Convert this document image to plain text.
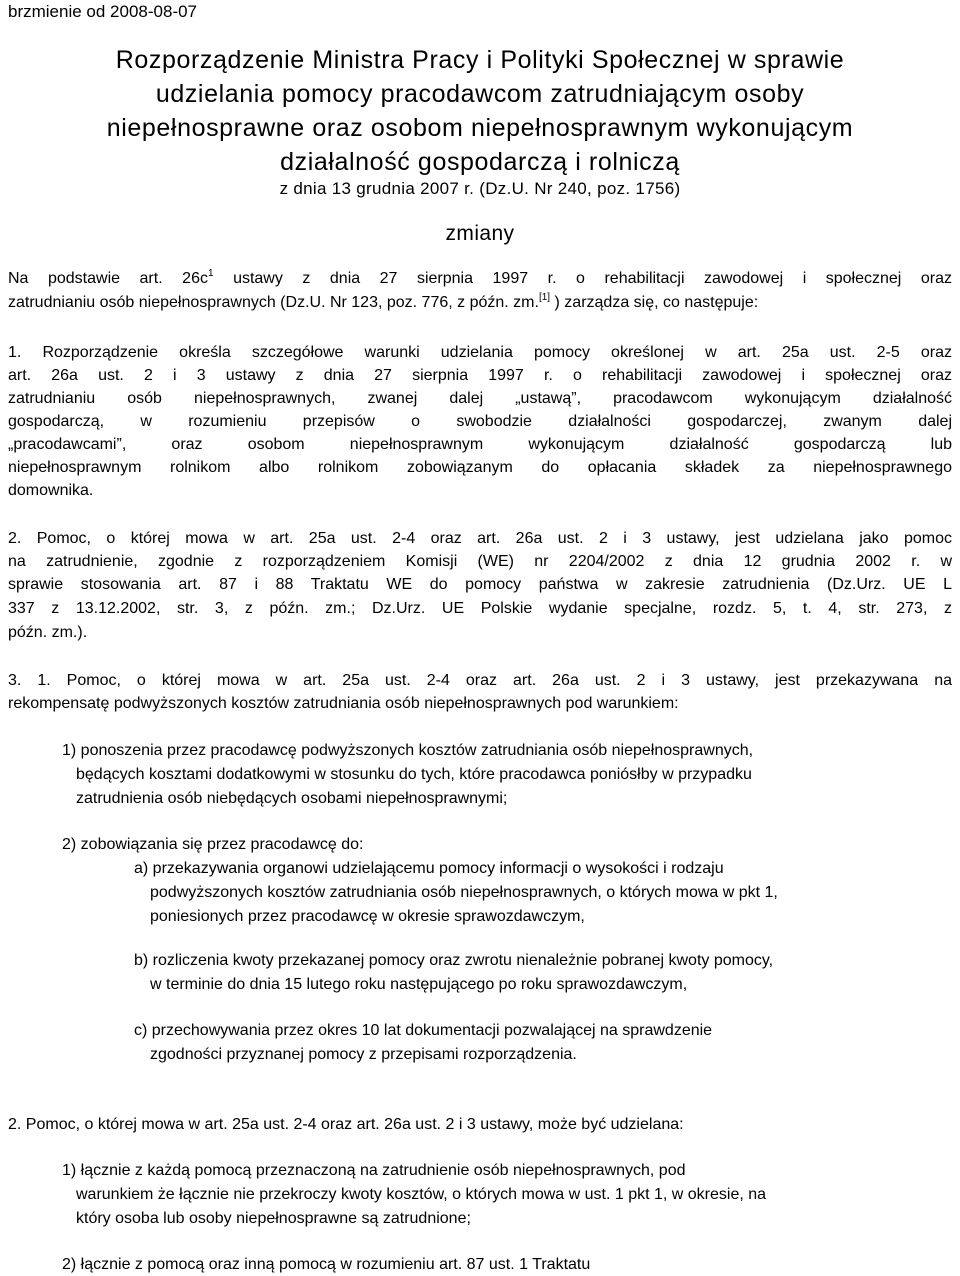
brzmienie od 2008-08-07
Rozporządzenie Ministra Pracy i Polityki Społecznej w sprawie
udzielania pomocy pracodawcom zatrudniającym osoby
niepełnosprawne oraz osobom niepełnosprawnym wykonującym
działalność gospodarczą i rolniczą
z dnia 13 grudnia 2007 r. (Dz.U. Nr 240, poz. 1756)
zmiany
Na podstawie art. $26c^1$ ustawy z dnia 27 sierpnia 1997 r. o rehabilitacji zawodowej i społecznej oraz
zatrudnianiu osób niepełnosprawnych (Dz.U. Nr 123, poz. 776, z późn. zm.[1] ) zarządza się, co następuje:
1. Rozporządzenie określa szczegółowe warunki udzielania pomocy określonej w art. 25a ust. 2-5 oraz
art. 26a ust. 2 i 3 ustawy z dnia 27 sierpnia 1997 r. o rehabilitacji zawodowej i społecznej oraz
zatrudnianiu osób niepełnosprawnych, zwanej dalej „ustawą”, pracodawcom wykonującym działalność
gospodarczą, w rozumieniu przepisów o swobodzie działalności gospodarczej, zwanym dalej
„pracodawcami”, oraz osobom niepełnosprawnym wykonującym działalność gospodarczą lub
niepełnosprawnym rolnikom albo rolnikom zobowiązanym do opłacania składek za niepełnosprawnego
domownika.
2. Pomoc, o której mowa w art. 25a ust. 2-4 oraz art. 26a ust. 2 i 3 ustawy, jest udzielana jako pomoc
na zatrudnienie, zgodnie z rozporządzeniem Komisji (WE) nr 2204/2002 z dnia 12 grudnia 2002 r. w
sprawie stosowania art. 87 i 88 Traktatu WE do pomocy państwa w zakresie zatrudnienia (Dz.Urz. UE L
337 z 13.12.2002, str. 3, z późn. zm.; Dz.Urz. UE Polskie wydanie specjalne, rozdz. 5, t. 4, str. 273, z
późn. zm.).
3. 1. Pomoc, o której mowa w art. 25a ust. 2-4 oraz art. 26a ust. 2 i 3 ustawy, jest przekazywana na
rekompensatę podwyższonych kosztów zatrudniania osób niepełnosprawnych pod warunkiem:
1) ponoszenia przez pracodawcę podwyższonych kosztów zatrudniania osób niepełnosprawnych,
będących kosztami dodatkowymi w stosunku do tych, które pracodawca poniósłby w przypadku
zatrudnienia osób niebędących osobami niepełnosprawnymi;
2) zobowiązania się przez pracodawcę do:
a) przekazywania organowi udzielającemu pomocy informacji o wysokości i rodzaju
podwyższonych kosztów zatrudniania osób niepełnosprawnych, o których mowa w pkt 1,
poniesionych przez pracodawcę w okresie sprawozdawczym,
b) rozliczenia kwoty przekazanej pomocy oraz zwrotu nienależnie pobranej kwoty pomocy,
w terminie do dnia 15 lutego roku następującego po roku sprawozdawczym,
c) przechowywania przez okres 10 lat dokumentacji pozwalającej na sprawdzenie
zgodności przyznanej pomocy z przepisami rozporządzenia.
2. Pomoc, o której mowa w art. 25a ust. 2-4 oraz art. 26a ust. 2 i 3 ustawy, może być udzielana:
1) łącznie z każdą pomocą przeznaczoną na zatrudnienie osób niepełnosprawnych, pod
warunkiem że łącznie nie przekroczy kwoty kosztów, o których mowa w ust. 1 pkt 1, w okresie, na
który osoba lub osoby niepełnosprawne są zatrudnione;
2) łącznie z pomocą oraz inną pomocą w rozumieniu art. 87 ust. 1 Traktatu
